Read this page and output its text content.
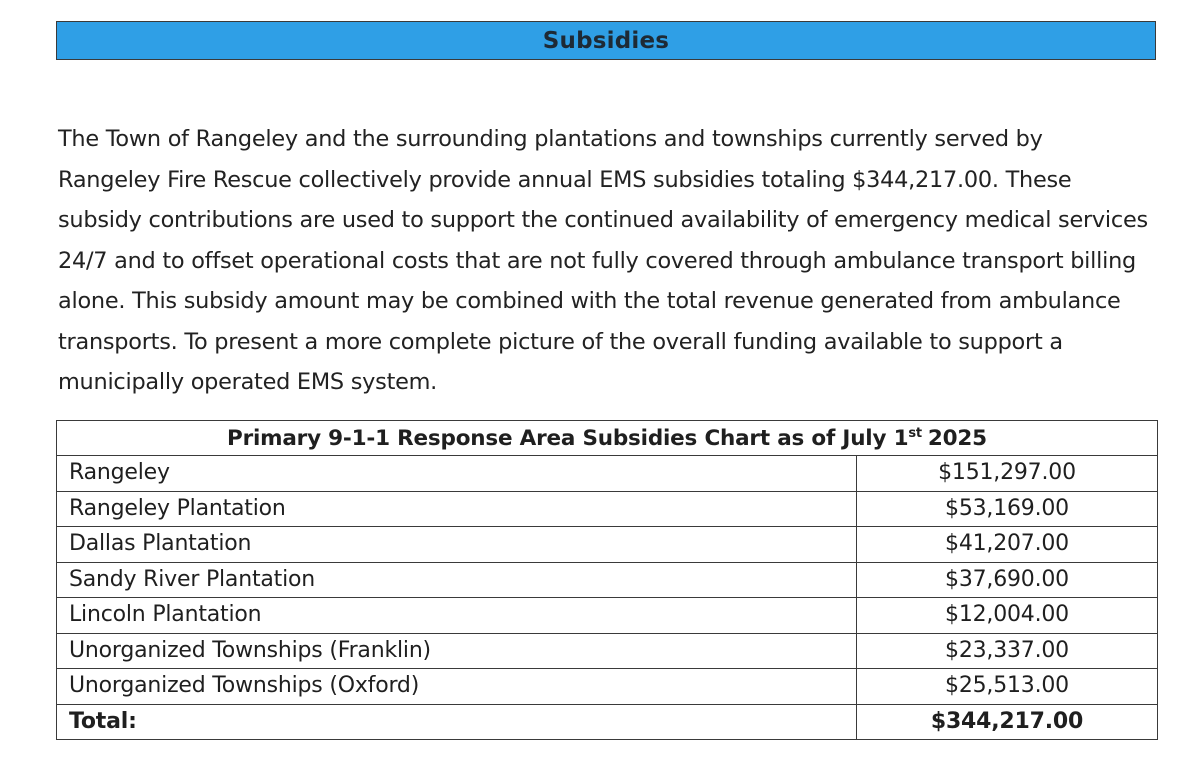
Subsidies

The Town of Rangeley and the surrounding plantations and townships currently served by Rangeley Fire Rescue collectively provide annual EMS subsidies totaling $344,217.00. These subsidy contributions are used to support the continued availability of emergency medical services 24/7 and to offset operational costs that are not fully covered through ambulance transport billing alone. This subsidy amount may be combined with the total revenue generated from ambulance transports. To present a more complete picture of the overall funding available to support a municipally operated EMS system.

Primary 9-1-1 Response Area Subsidies Chart as of July 1st 2025	
Rangeley	$151,297.00
Rangeley Plantation	$53,169.00
Dallas Plantation	$41,207.00
Sandy River Plantation	$37,690.00
Lincoln Plantation	$12,004.00
Unorganized Townships (Franklin)	$23,337.00
Unorganized Townships (Oxford)	$25,513.00
Total:	$344,217.00
